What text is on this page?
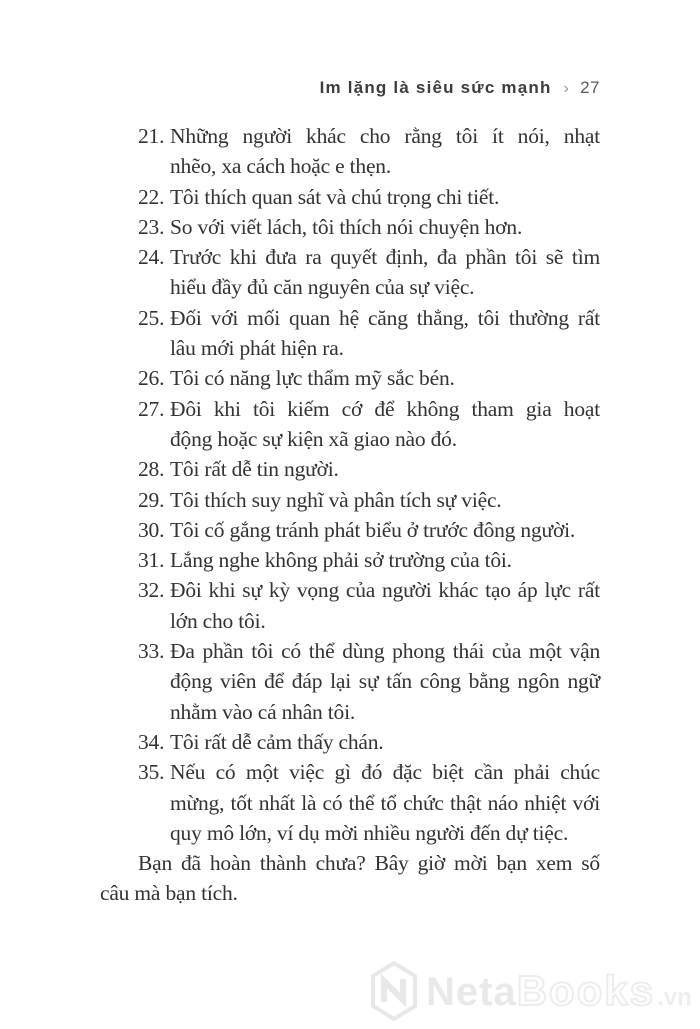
Im lặng là siêu sức mạnh › 27
21. Những người khác cho rằng tôi ít nói, nhạt
nhẽo, xa cách hoặc e thẹn.
22. Tôi thích quan sát và chú trọng chi tiết.
23. So với viết lách, tôi thích nói chuyện hơn.
24. Trước khi đưa ra quyết định, đa phần tôi sẽ tìm
hiểu đầy đủ căn nguyên của sự việc.
25. Đối với mối quan hệ căng thẳng, tôi thường rất
lâu mới phát hiện ra.
26. Tôi có năng lực thẩm mỹ sắc bén.
27. Đôi khi tôi kiếm cớ để không tham gia hoạt
động hoặc sự kiện xã giao nào đó.
28. Tôi rất dễ tin người.
29. Tôi thích suy nghĩ và phân tích sự việc.
30. Tôi cố gắng tránh phát biểu ở trước đông người.
31. Lắng nghe không phải sở trường của tôi.
32. Đôi khi sự kỳ vọng của người khác tạo áp lực rất
lớn cho tôi.
33. Đa phần tôi có thể dùng phong thái của một vận
động viên để đáp lại sự tấn công bằng ngôn ngữ
nhằm vào cá nhân tôi.
34. Tôi rất dễ cảm thấy chán.
35. Nếu có một việc gì đó đặc biệt cần phải chúc
mừng, tốt nhất là có thể tổ chức thật náo nhiệt với
quy mô lớn, ví dụ mời nhiều người đến dự tiệc.
Bạn đã hoàn thành chưa? Bây giờ mời bạn xem số
câu mà bạn tích.
Neta Books .vn
